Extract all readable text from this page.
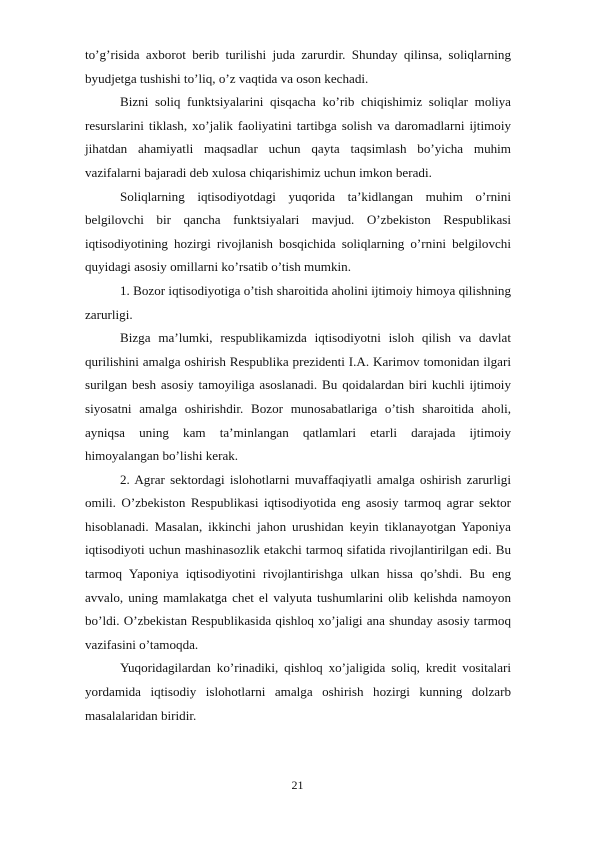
to’g’risida axborot berib turilishi juda zarurdir. Shunday qilinsa, soliqlarning byudjetga tushishi to’liq, o’z vaqtida va oson kechadi.

Bizni soliq funktsiyalarini qisqacha ko’rib chiqishimiz soliqlar moliya resurslarini tiklash, xo’jalik faoliyatini tartibga solish va daromadlarni ijtimoiy jihatdan ahamiyatli maqsadlar uchun qayta taqsimlash bo’yicha muhim vazifalarni bajaradi deb xulosa chiqarishimiz uchun imkon beradi.

Soliqlarning iqtisodiyotdagi yuqorida ta’kidlangan muhim o’rnini belgilovchi bir qancha funktsiyalari mavjud. O’zbekiston Respublikasi iqtisodiyotining hozirgi rivojlanish bosqichida soliqlarning o’rnini belgilovchi quyidagi asosiy omillarni ko’rsatib o’tish mumkin.

1. Bozor iqtisodiyotiga o’tish sharoitida aholini ijtimoiy himoya qilishning zarurligi.

Bizga ma’lumki, respublikamizda iqtisodiyotni isloh qilish va davlat qurilishini amalga oshirish Respublika prezidenti I.A. Karimov tomonidan ilgari surilgan besh asosiy tamoyiliga asoslanadi. Bu qoidalardan biri kuchli ijtimoiy siyosatni amalga oshirishdir. Bozor munosabatlariga o’tish sharoitida aholi, ayniqsa uning kam ta’minlangan qatlamlari etarli darajada ijtimoiy himoyalangan bo’lishi kerak.

2. Agrar sektordagi islohotlarni muvaffaqiyatli amalga oshirish zarurligi omili. O’zbekiston Respublikasi iqtisodiyotida eng asosiy tarmoq agrar sektor hisoblanadi. Masalan, ikkinchi jahon urushidan keyin tiklanayotgan Yaponiya iqtisodiyoti uchun mashinasozlik etakchi tarmoq sifatida rivojlantirilgan edi. Bu tarmoq Yaponiya iqtisodiyotini rivojlantirishga ulkan hissa qo’shdi. Bu eng avvalo, uning mamlakatga chet el valyuta tushumlarini olib kelishda namoyon bo’ldi. O’zbekistan Respublikasida qishloq xo’jaligi ana shunday asosiy tarmoq vazifasini o’tamoqda.

Yuqoridagilardan ko’rinadiki, qishloq xo’jaligida soliq, kredit vositalari yordamida iqtisodiy islohotlarni amalga oshirish hozirgi kunning dolzarb masalalaridan biridir.

21
